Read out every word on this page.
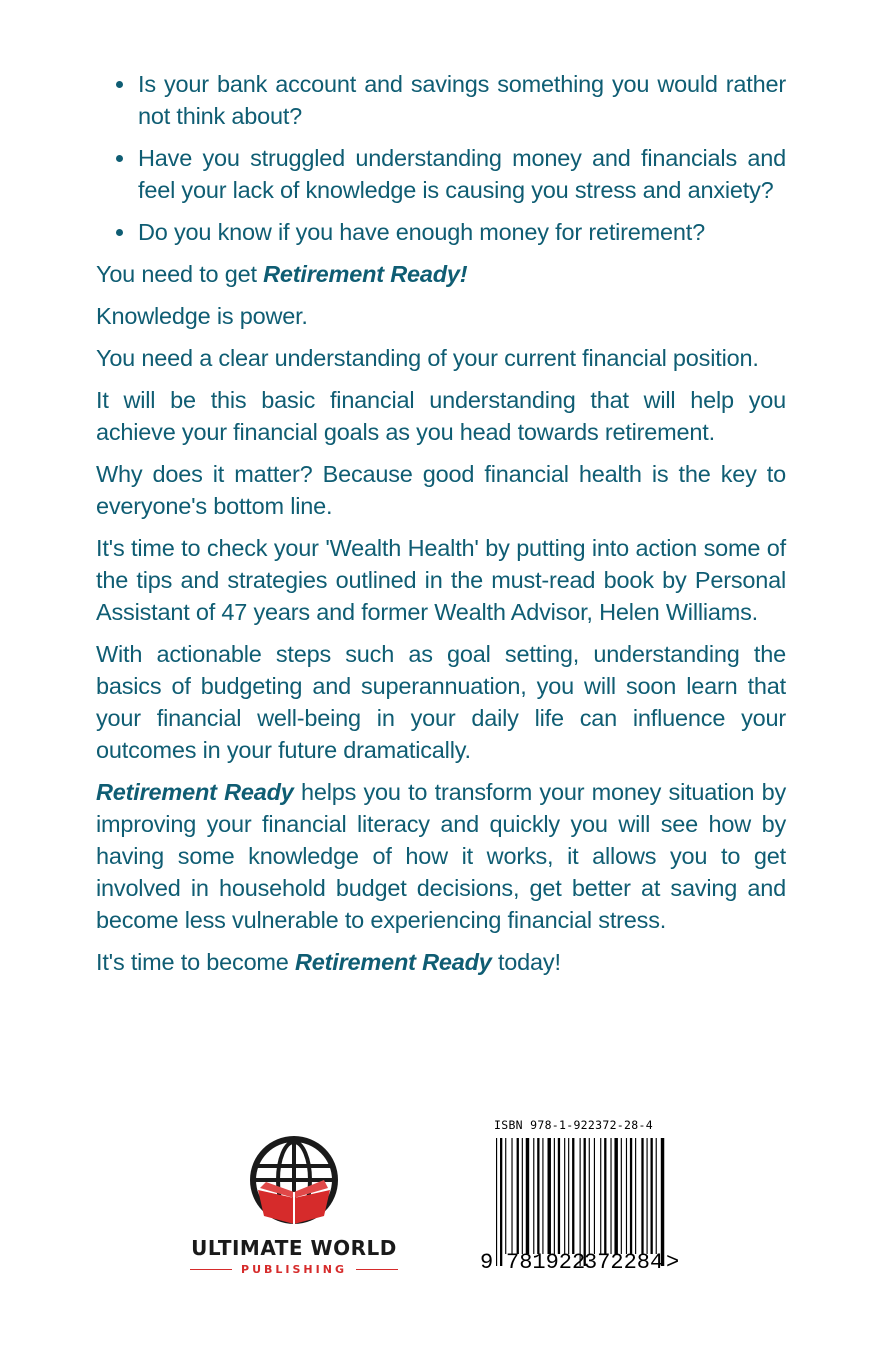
Is your bank account and savings something you would rather not think about?
Have you struggled understanding money and financials and feel your lack of knowledge is causing you stress and anxiety?
Do you know if you have enough money for retirement?

You need to get Retirement Ready!

Knowledge is power.

You need a clear understanding of your current financial position.

It will be this basic financial understanding that will help you achieve your financial goals as you head towards retirement.

Why does it matter? Because good financial health is the key to everyone's bottom line.

It's time to check your 'Wealth Health' by putting into action some of the tips and strategies outlined in the must-read book by Personal Assistant of 47 years and former Wealth Advisor, Helen Williams.

With actionable steps such as goal setting, understanding the basics of budgeting and superannuation, you will soon learn that your financial well-being in your daily life can influence your outcomes in your future dramatically.

Retirement Ready helps you to transform your money situation by improving your financial literacy and quickly you will see how by having some knowledge of how it works, it allows you to get involved in household budget decisions, get better at saving and become less vulnerable to experiencing financial stress.

It's time to become Retirement Ready today!

ULTIMATE WORLD
PUBLISHING
ISBN 978-1-922372-28-4
9 781922
372284 >
